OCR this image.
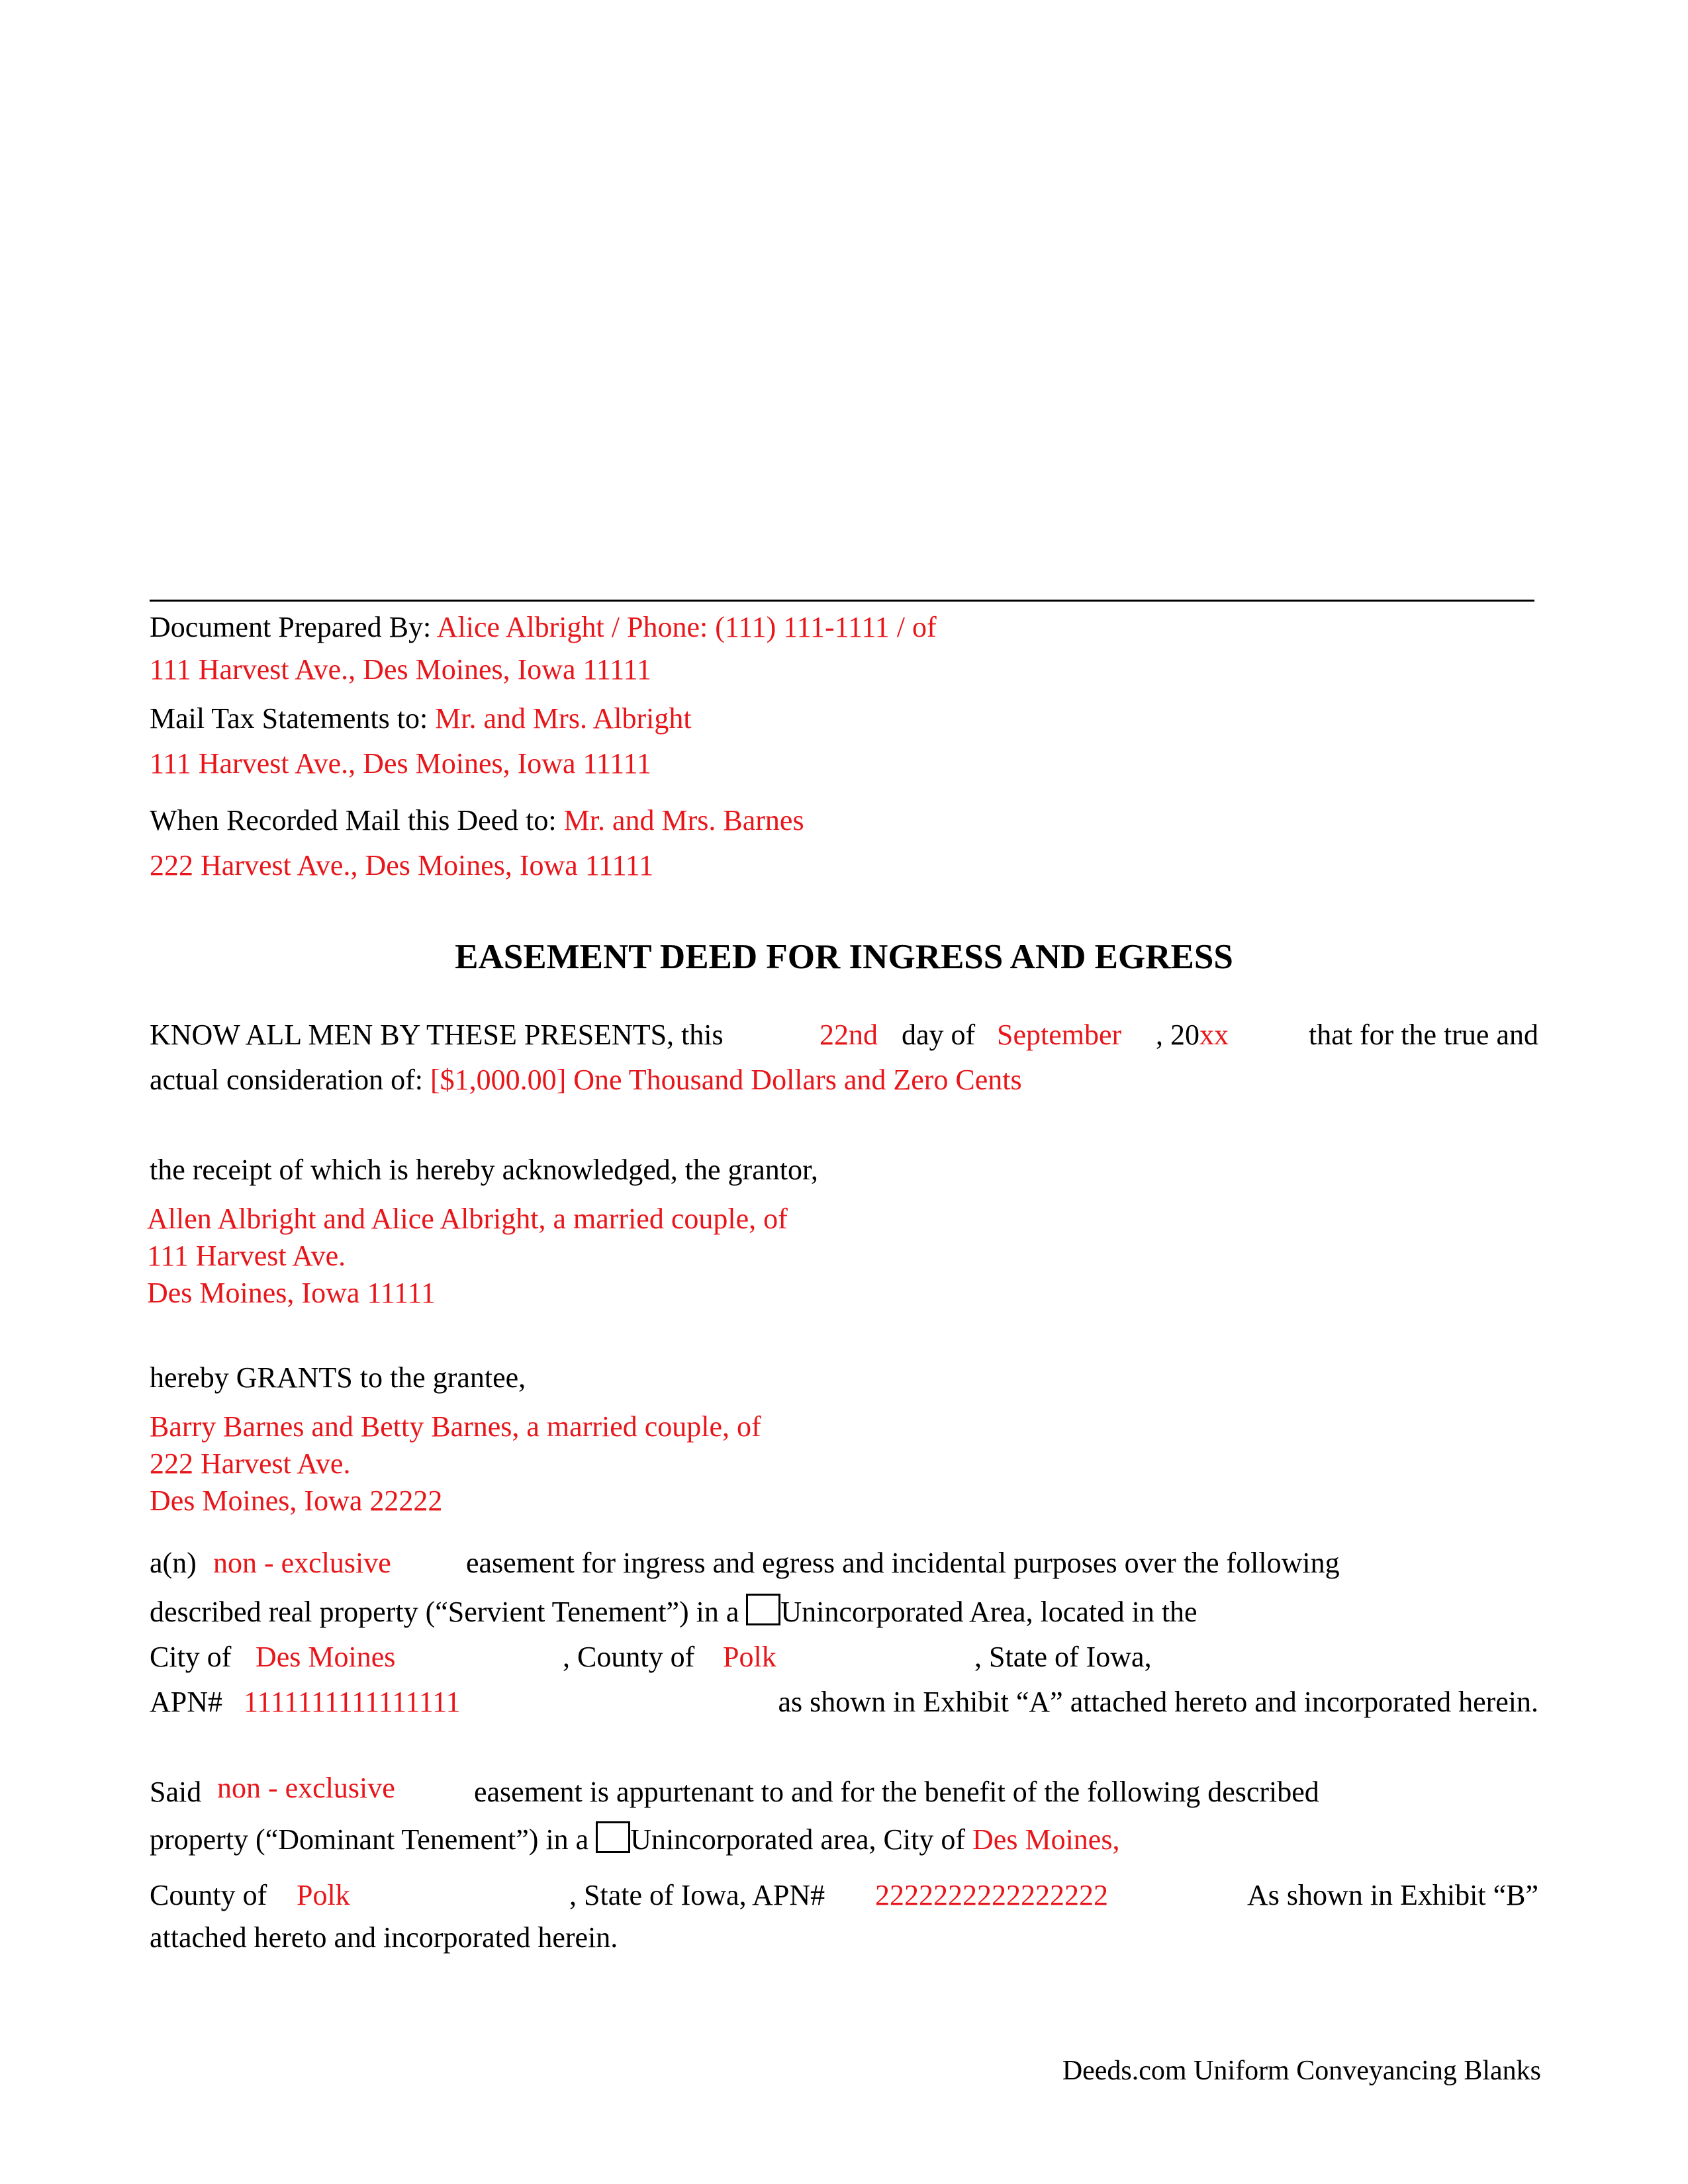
Document Prepared By: Alice Albright / Phone: (111) 111-1111 / of
111 Harvest Ave., Des Moines, Iowa 11111
Mail Tax Statements to: Mr. and Mrs. Albright
111 Harvest Ave., Des Moines, Iowa 11111
When Recorded Mail this Deed to: Mr. and Mrs. Barnes
222 Harvest Ave., Des Moines, Iowa 11111
EASEMENT DEED FOR INGRESS AND EGRESS
KNOW ALL MEN BY THESE PRESENTS, this	22nd day of September , 20xx	that for the true and
actual consideration of: [$1,000.00] One Thousand Dollars and Zero Cents
the receipt of which is hereby acknowledged, the grantor,
Allen Albright and Alice Albright, a married couple, of
111 Harvest Ave.
Des Moines, Iowa 11111
hereby GRANTS to the grantee,
Barry Barnes and Betty Barnes, a married couple, of
222 Harvest Ave.
Des Moines, Iowa 22222
a(n) non - exclusive	easement for ingress and egress and incidental purposes over the following
described real property (“Servient Tenement”) in a Unincorporated Area, located in the
City of Des Moines	, County of Polk	, State of Iowa,
APN# 1111111111111111	as shown in Exhibit “A” attached hereto and incorporated herein.
Said non - exclusive	easement is appurtenant to and for the benefit of the following described
property (“Dominant Tenement”) in a Unincorporated area, City of Des Moines,
County of Polk	, State of Iowa, APN# 2222222222222222	As shown in Exhibit “B”
attached hereto and incorporated herein.
Deeds.com Uniform Conveyancing Blanks
